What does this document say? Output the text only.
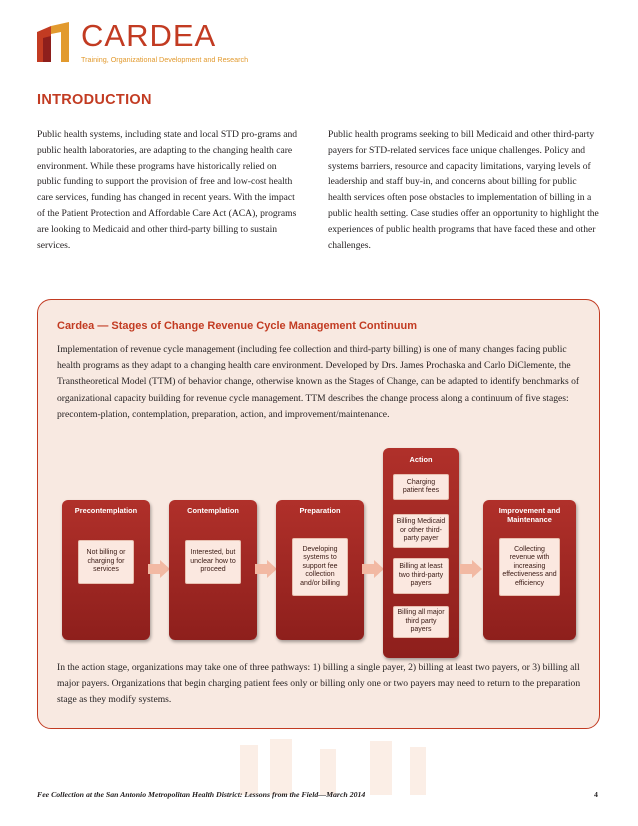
CARDEA
Training, Organizational Development and Research
INTRODUCTION
Public health systems, including state and local STD pro-grams and public health laboratories, are adapting to the changing health care environment. While these programs have historically relied on public funding to support the provision of free and low-cost health care services, funding has changed in recent years. With the impact of the Patient Protection and Affordable Care Act (ACA), programs are looking to Medicaid and other third-party billing to sustain services.
Public health programs seeking to bill Medicaid and other third-party payers for STD-related services face unique challenges. Policy and systems barriers, resource and capacity limitations, varying levels of leadership and staff buy-in, and concerns about billing for public health services often pose obstacles to implementation of billing in a public health setting. Case studies offer an opportunity to highlight the experiences of public health programs that have faced these and other challenges.
Cardea — Stages of Change Revenue Cycle Management Continuum
Implementation of revenue cycle management (including fee collection and third-party billing) is one of many changes facing public health programs as they adapt to a changing health care environment. Developed by Drs. James Prochaska and Carlo DiClemente, the Transtheoretical Model (TTM) of behavior change, otherwise known as the Stages of Change, can be adapted to identify benchmarks of organizational capacity building for revenue cycle management. TTM describes the change process along a continuum of five stages: precontem-plation, contemplation, preparation, action, and improvement/maintenance.
Precontemplation
Not billing or charging for services
Contemplation
Interested, but unclear how to proceed
Preparation
Developing systems to support fee collection and/or billing
Action
Charging patient fees
Billing Medicaid or other third-party payer
Billing at least two third-party payers
Billing all major third party payers
Improvement and Maintenance
Collecting revenue with increasing effectiveness and efficiency
In the action stage, organizations may take one of three pathways: 1) billing a single payer, 2) billing at least two payers, or 3) billing all major payers. Organizations that begin charging patient fees only or billing only one or two payers may need to return to the preparation stage as they modify systems.
Fee Collection at the San Antonio Metropolitan Health District: Lessons from the Field—March 2014	4
